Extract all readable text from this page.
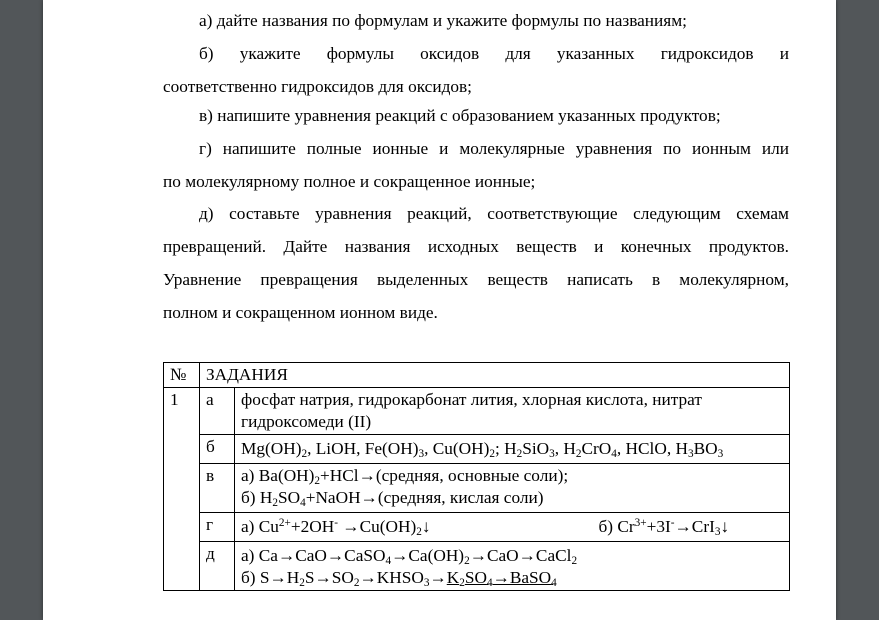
а) дайте названия по формулам и укажите формулы по названиям;
б) укажите формулы оксидов для указанных гидроксидов и
соответственно гидроксидов для оксидов;
в) напишите уравнения реакций с образованием указанных продуктов;
г) напишите полные ионные и молекулярные уравнения по ионным или
по молекулярному полное и сокращенное ионные;
д) составьте уравнения реакций, соответствующие следующим схемам
превращений. Дайте названия исходных веществ и конечных продуктов.
Уравнение превращения выделенных веществ написать в молекулярном,
полном и сокращенном ионном виде.
№	ЗАДАНИЯ	
1	а	фосфат натрия, гидрокарбонат лития, хлорная кислота, нитрат гидроксомеди (II)
	б	$Mg(OH)_2$, LiOH, $Fe(OH)_3$, $Cu(OH)_2$; $H_2SiO_3$, $H_2CrO_4$, HClO, $H_3BO_3$
	в	а) $Ba(OH)_2+HCl\to(средняя$, основные соли);
б) $H_2SO_4+NaOH\to(средняя$, кислая соли)

	г	а) $Cu^{2+}+2OH^-$ $\to Cu(OH)_2↓$ б) $Cr^{3+}+3I^-\to CrI_3↓$
	д	а) $Ca\to CaO\to CaSO_4\to Ca(OH)_2\to CaO\to CaCl_2$
б) $S\to H_2S\to SO_2\to KHSO_3\to K_2SO_4\to BaSO_4$
